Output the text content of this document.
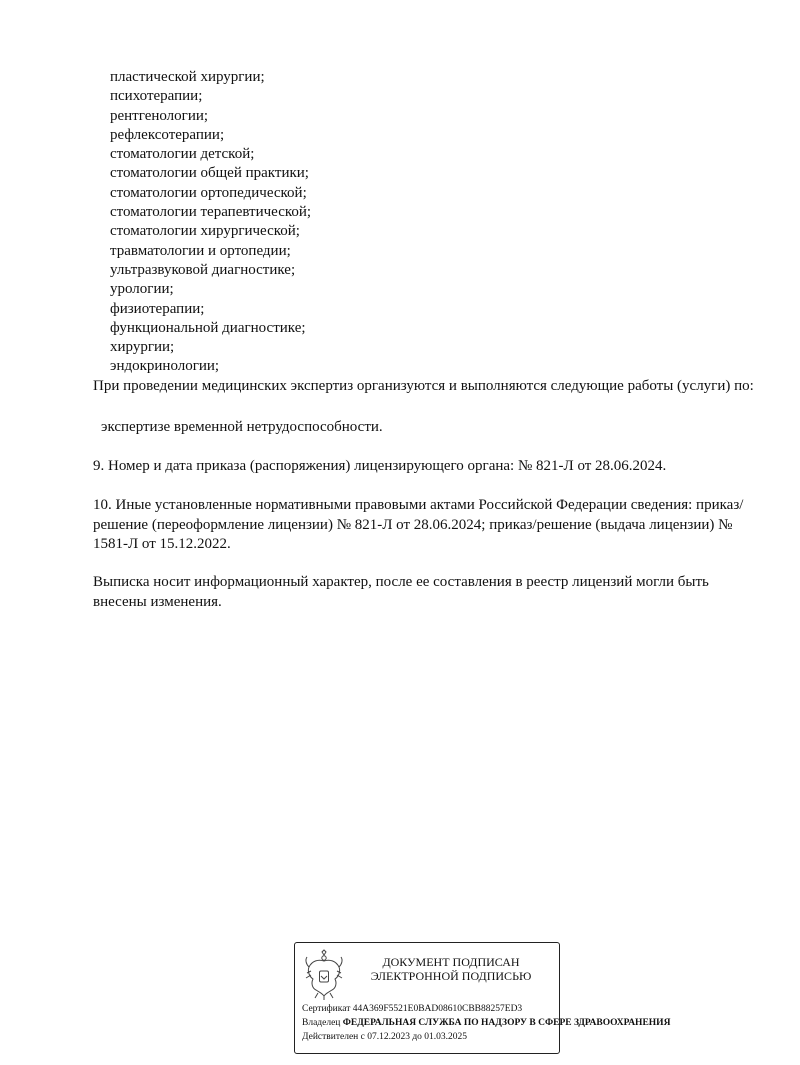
пластической хирургии;
психотерапии;
рентгенологии;
рефлексотерапии;
стоматологии детской;
стоматологии общей практики;
стоматологии ортопедической;
стоматологии терапевтической;
стоматологии хирургической;
травматологии и ортопедии;
ультразвуковой диагностике;
урологии;
физиотерапии;
функциональной диагностике;
хирургии;
эндокринологии;
При проведении медицинских экспертиз организуются и выполняются следующие работы (услуги) по:
экспертизе временной нетрудоспособности.
9. Номер и дата приказа (распоряжения) лицензирующего органа: № 821-Л от 28.06.2024.
10. Иные установленные нормативными правовыми актами Российской Федерации сведения: приказ/решение (переоформление лицензии) № 821-Л от 28.06.2024; приказ/решение (выдача лицензии) № 1581-Л от 15.12.2022.
Выписка носит информационный характер, после ее составления в реестр лицензий могли быть внесены изменения.
ДОКУМЕНТ ПОДПИСАН
ЭЛЕКТРОННОЙ ПОДПИСЬЮ
Сертификат 44A369F5521E0BAD08610CBB88257ED3
Владелец ФЕДЕРАЛЬНАЯ СЛУЖБА ПО НАДЗОРУ В СФЕРЕ ЗДРАВООХРАНЕНИЯ
Действителен с 07.12.2023 до 01.03.2025
